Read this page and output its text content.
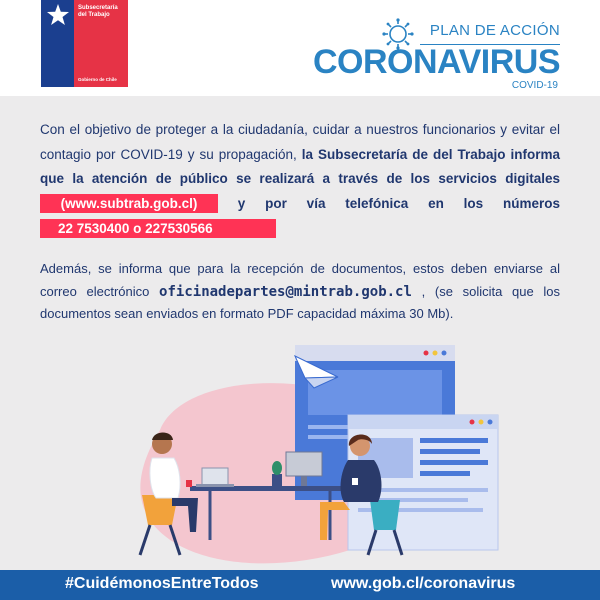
Subsecretaría
del Trabajo
Gobierno de Chile
PLAN DE ACCIÓN
CORONAVIRUS
COVID-19
Con el objetivo de proteger a la ciudadanía, cuidar a nuestros funcionarios y evitar el contagio por COVID-19 y su propagación, la Subsecretaría de del Trabajo informa que la atención de público se realizará a través de los servicios digitales (www.subtrab.gob.cl) y por vía telefónica en los números 22 7530400 o 227530566
Además, se informa que para la recepción de documentos, estos deben enviarse al correo electrónico oficinadepartes@mintrab.gob.cl , (se solicita que los documentos sean enviados en formato PDF capacidad máxima 30 Mb).
#CuidémonosEntreTodos	www.gob.cl/coronavirus
